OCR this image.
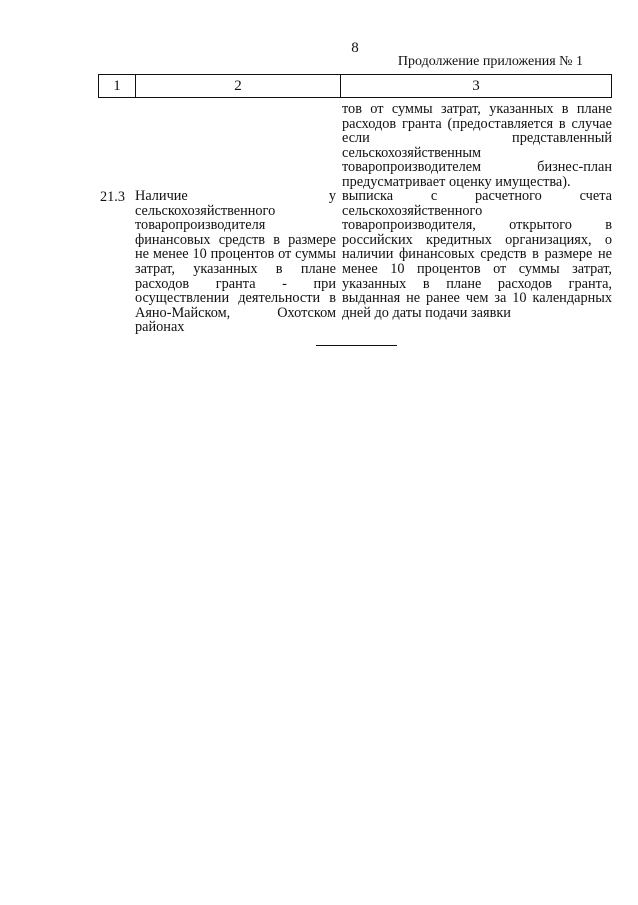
8
Продолжение приложения № 1
1	2	3
тов от суммы затрат, указанных в плане расходов гранта (предоставляется в случае если представленный сельскохозяйственным товаропроизводителем бизнес-план предусматривает оценку имущества).
21.3 Наличие у сельскохозяйственного товаропроизводителя финансовых средств в размере не менее 10 процентов от суммы затрат, указанных в плане расходов гранта - при осуществлении деятельности в Аяно-Майском, Охотском районах
выписка с расчетного счета сельскохозяйственного товаропроизводителя, открытого в российских кредитных организациях, о наличии финансовых средств в размере не менее 10 процентов от суммы затрат, указанных в плане расходов гранта, выданная не ранее чем за 10 календарных дней до даты подачи заявки
